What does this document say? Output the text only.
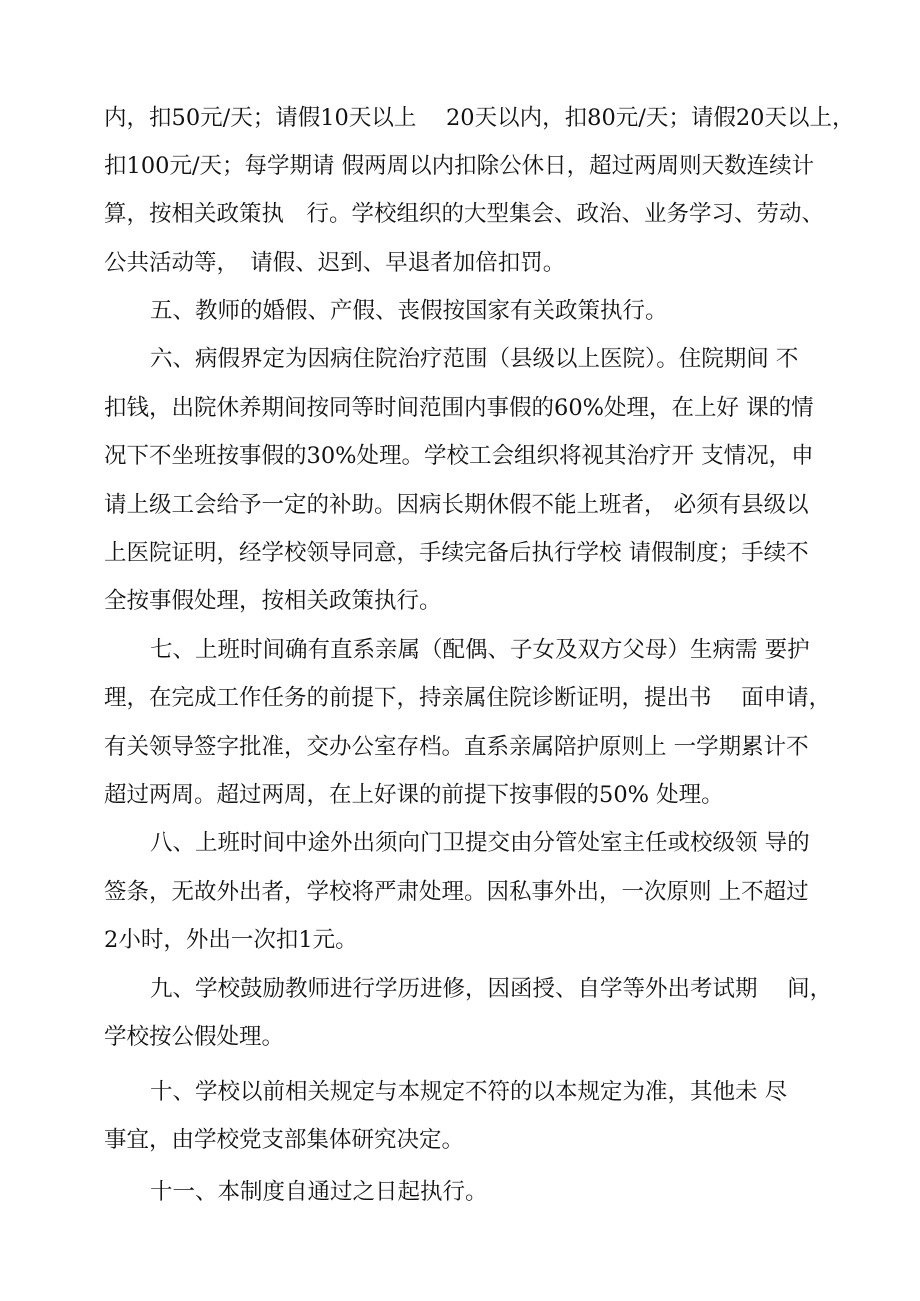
内，扣50元/天；请假10天以上　 20天以内，扣80元/天；请假20天以上，

扣100元/天；每学期请 假两周以内扣除公休日，超过两周则天数连续计

算，按相关政策执　行。学校组织的大型集会、政治、业务学习、劳动、

公共活动等，　请假、迟到、早退者加倍扣罚。

五、教师的婚假、产假、丧假按国家有关政策执行。

六、病假界定为因病住院治疗范围（县级以上医院）。住院期间 不

扣钱，出院休养期间按同等时间范围内事假的60%处理，在上好 课的情

况下不坐班按事假的30%处理。学校工会组织将视其治疗开 支情况，申

请上级工会给予一定的补助。因病长期休假不能上班者， 必须有县级以

上医院证明，经学校领导同意，手续完备后执行学校 请假制度；手续不

全按事假处理，按相关政策执行。

七、上班时间确有直系亲属（配偶、子女及双方父母）生病需 要护

理，在完成工作任务的前提下，持亲属住院诊断证明，提出书　 面申请，

有关领导签字批准，交办公室存档。直系亲属陪护原则上 一学期累计不

超过两周。超过两周，在上好课的前提下按事假的50% 处理。

八、上班时间中途外出须向门卫提交由分管处室主任或校级领 导的

签条，无故外出者，学校将严肃处理。因私事外出，一次原则 上不超过

2小时，外出一次扣1元。

九、学校鼓励教师进行学历进修，因函授、自学等外出考试期　 间，

学校按公假处理。

十、学校以前相关规定与本规定不符的以本规定为准，其他未 尽

事宜，由学校党支部集体研究决定。

十一、本制度自通过之日起执行。
